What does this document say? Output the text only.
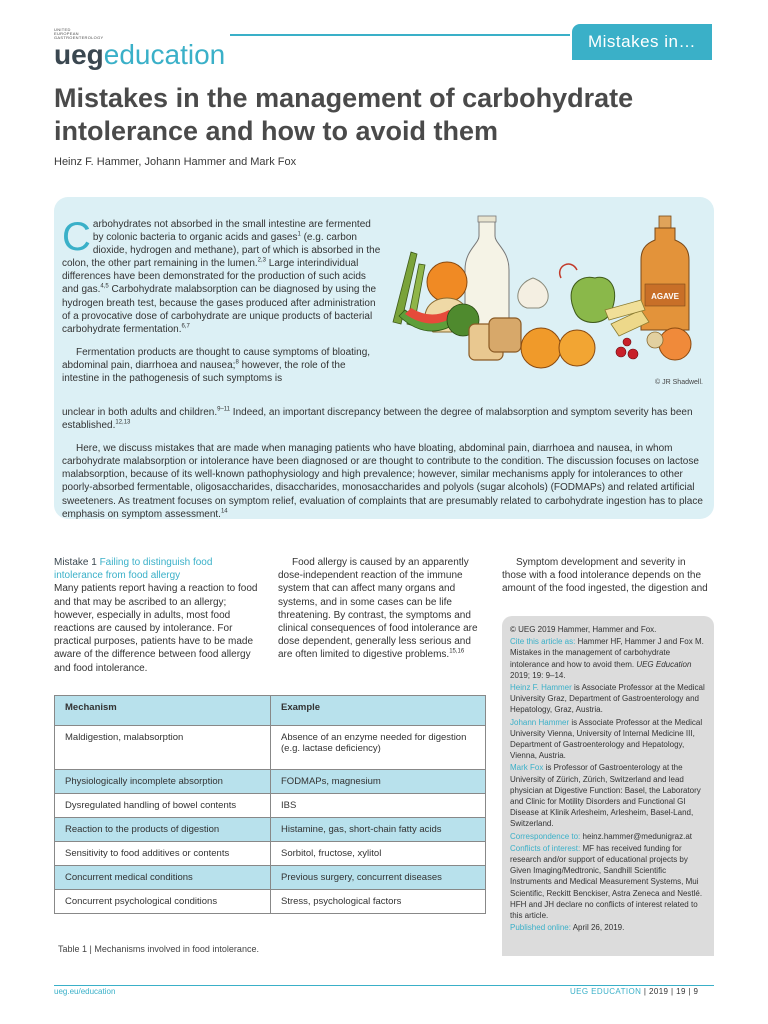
UNITED EUROPEAN GASTROENTEROLOGY
uegeducation	Mistakes in…
Mistakes in the management of carbohydrate intolerance and how to avoid them
Heinz F. Hammer, Johann Hammer and Mark Fox

Carbohydrates not absorbed in the small intestine are fermented by colonic bacteria to organic acids and gases$^1$ (e.g. carbon dioxide, hydrogen and methane), part of which is absorbed in the colon, the other part remaining in the lumen.$^{2,3}$ Large interindividual differences have been demonstrated for the production of such acids and gas.$^{4,5}$ Carbohydrate malabsorption can be diagnosed by using the hydrogen breath test, because the gases produced after administration of a provocative dose of carbohydrate are unique products of bacterial carbohydrate fermentation.$^{6,7}$

Fermentation products are thought to cause symptoms of bloating, abdominal pain, diarrhoea and nausea;$^8$ however, the role of the intestine in the pathogenesis of such symptoms is

unclear in both adults and children.$^{9-11}$ Indeed, an important discrepancy between the degree of malabsorption and symptom severity has been established.$^{12,13}$

Here, we discuss mistakes that are made when managing patients who have bloating, abdominal pain, diarrhoea and nausea, in whom carbohydrate malabsorption or intolerance have been diagnosed or are thought to contribute to the condition. The discussion focuses on lactose malabsorption, because of its well-known pathophysiology and high prevalence; however, similar mechanisms apply for intolerances to other poorly-absorbed fermentable, oligosaccharides, disaccharides, monosaccharides and polyols (sugar alcohols) (FODMAPs) and related artificial sweeteners. As treatment focuses on symptom relief, evaluation of complaints that are presumably related to carbohydrate ingestion has to place emphasis on symptom assessment.$^{14}$

AGAVE
© JR Shadwell.

Mistake 1 Failing to distinguish food intolerance from food allergy

Many patients report having a reaction to food and that may be ascribed to an allergy; however, especially in adults, most food reactions are caused by intolerance. For practical purposes, patients have to be made aware of the difference between food allergy and food intolerance.

Food allergy is caused by an apparently dose-independent reaction of the immune system that can affect many organs and systems, and in some cases can be life threatening. By contrast, the symptoms and clinical consequences of food intolerance are dose dependent, generally less serious and are often limited to digestive problems.$^{15,16}$

Symptom development and severity in those with a food intolerance depends on the amount of the food ingested, the digestion and

© UEG 2019 Hammer, Hammer and Fox.

Cite this article as: Hammer HF, Hammer J and Fox M. Mistakes in the management of carbohydrate intolerance and how to avoid them. UEG Education 2019; 19: 9–14.

Heinz F. Hammer is Associate Professor at the Medical University Graz, Department of Gastroenterology and Hepatology, Graz, Austria.

Johann Hammer is Associate Professor at the Medical University Vienna, University of Internal Medicine III, Department of Gastroenterology and Hepatology, Vienna, Austria.

Mark Fox is Professor of Gastroenterology at the University of Zürich, Zürich, Switzerland and lead physician at Digestive Function: Basel, the Laboratory and Clinic for Motility Disorders and Functional GI Disease at Klinik Arlesheim, Arlesheim, Basel-Land, Switzerland.

Correspondence to: heinz.hammer@medunigraz.at

Conflicts of interest: MF has received funding for research and/or support of educational projects by Given Imaging/Medtronic, Sandhill Scientific Instruments and Medical Measurement Systems, Mui Scientific, Reckitt Benckiser, Astra Zeneca and Nestlé. HFH and JH declare no conflicts of interest related to this article.

Published online: April 26, 2019.

Mechanism	Example
Maldigestion, malabsorption	Absence of an enzyme needed for digestion (e.g. lactase deficiency)
Physiologically incomplete absorption	FODMAPs, magnesium
Dysregulated handling of bowel contents	IBS
Reaction to the products of digestion	Histamine, gas, short-chain fatty acids
Sensitivity to food additives or contents	Sorbitol, fructose, xylitol
Concurrent medical conditions	Previous surgery, concurrent diseases
Concurrent psychological conditions	Stress, psychological factors
Table 1 | Mechanisms involved in food intolerance.
ueg.eu/education	UEG EDUCATION | 2019 | 19 | 9
